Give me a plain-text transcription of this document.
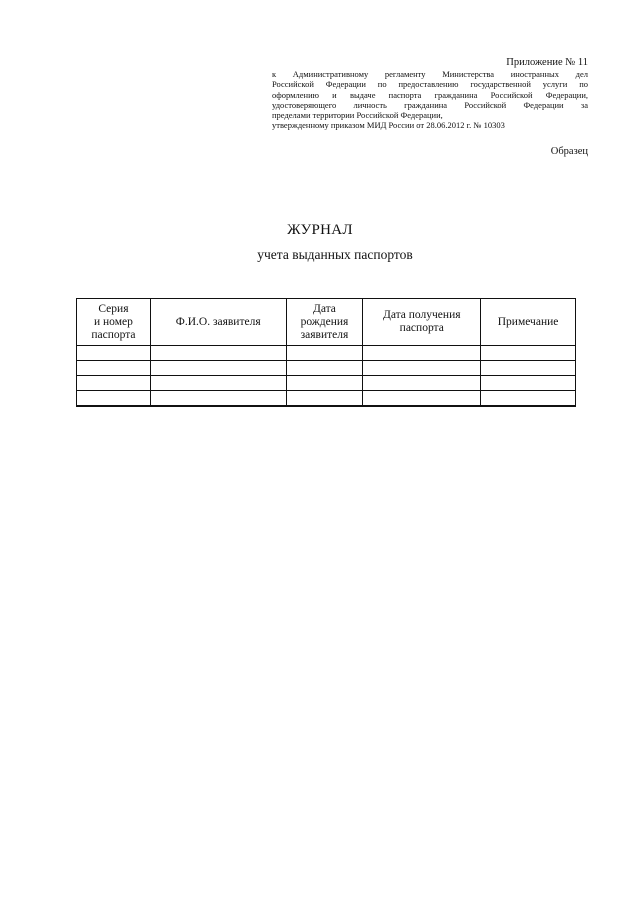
Приложение № 11
к Административному регламенту Министерства иностранных дел
Российской Федерации по предоставлению государственной услуги по
оформлению и выдаче паспорта гражданина Российской Федерации,
удостоверяющего личность гражданина Российской Федерации за
пределами территории Российской Федерации,
утвержденному приказом МИД России от 28.06.2012 г. № 10303
Образец
ЖУРНАЛ
учета выданных паспортов
Серия
и номер
паспорта	Ф.И.О. заявителя	Дата
рождения
заявителя	Дата получения
паспорта	Примечание
